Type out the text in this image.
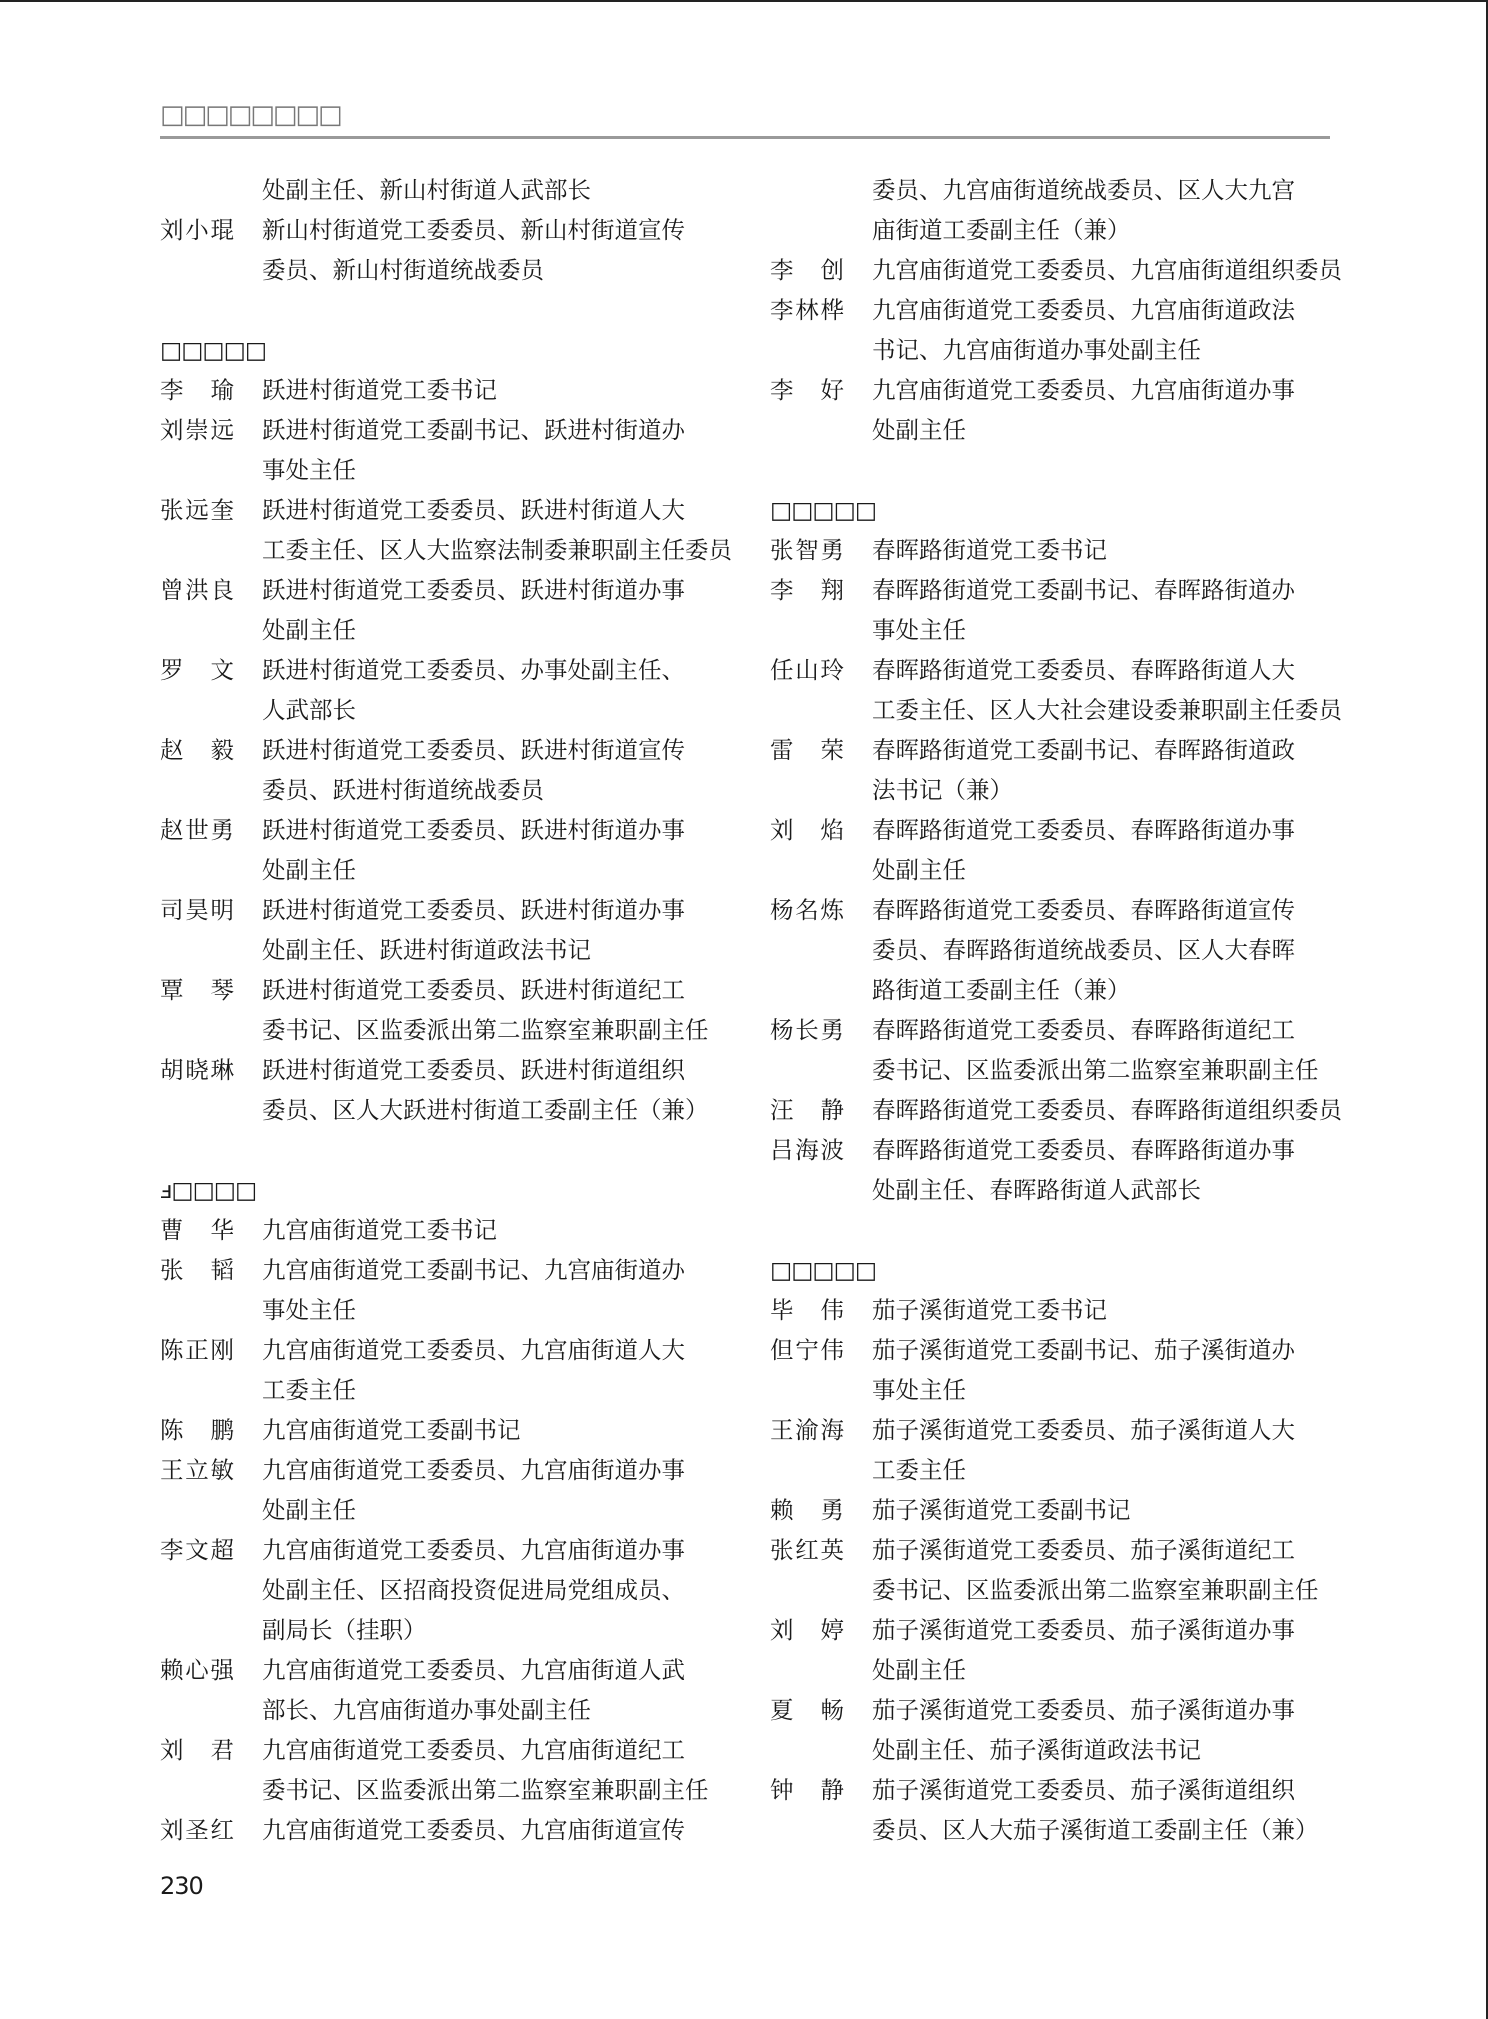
□□□□□□□□
处副主任、新山村街道人武部长
刘小琨 新山村街道党工委委员、新山村街道宣传
委员、新山村街道统战委员
□□□□□
李瑜 跃进村街道党工委书记
刘崇远 跃进村街道党工委副书记、跃进村街道办
事处主任
张远奎 跃进村街道党工委委员、跃进村街道人大
工委主任、区人大监察法制委兼职副主任委员
曾洪良 跃进村街道党工委委员、跃进村街道办事
处副主任
罗文 跃进村街道党工委委员、办事处副主任、
人武部长
赵毅 跃进村街道党工委委员、跃进村街道宣传
委员、跃进村街道统战委员
赵世勇 跃进村街道党工委委员、跃进村街道办事
处副主任
司昊明 跃进村街道党工委委员、跃进村街道办事
处副主任、跃进村街道政法书记
覃琴 跃进村街道党工委委员、跃进村街道纪工
委书记、区监委派出第二监察室兼职副主任
胡晓琳 跃进村街道党工委委员、跃进村街道组织
委员、区人大跃进村街道工委副主任（兼）
ⅎ□□□□
曹华 九宫庙街道党工委书记
张韬 九宫庙街道党工委副书记、九宫庙街道办
事处主任
陈正刚 九宫庙街道党工委委员、九宫庙街道人大
工委主任
陈鹏 九宫庙街道党工委副书记
王立敏 九宫庙街道党工委委员、九宫庙街道办事
处副主任
李文超 九宫庙街道党工委委员、九宫庙街道办事
处副主任、区招商投资促进局党组成员、
副局长（挂职）
赖心强 九宫庙街道党工委委员、九宫庙街道人武
部长、九宫庙街道办事处副主任
刘君 九宫庙街道党工委委员、九宫庙街道纪工
委书记、区监委派出第二监察室兼职副主任
刘圣红 九宫庙街道党工委委员、九宫庙街道宣传
委员、九宫庙街道统战委员、区人大九宫
庙街道工委副主任（兼）
李创 九宫庙街道党工委委员、九宫庙街道组织委员
李林桦 九宫庙街道党工委委员、九宫庙街道政法
书记、九宫庙街道办事处副主任
李好 九宫庙街道党工委委员、九宫庙街道办事
处副主任
□□□□□
张智勇 春晖路街道党工委书记
李翔 春晖路街道党工委副书记、春晖路街道办
事处主任
任山玲 春晖路街道党工委委员、春晖路街道人大
工委主任、区人大社会建设委兼职副主任委员
雷荣 春晖路街道党工委副书记、春晖路街道政
法书记（兼）
刘焰 春晖路街道党工委委员、春晖路街道办事
处副主任
杨名炼 春晖路街道党工委委员、春晖路街道宣传
委员、春晖路街道统战委员、区人大春晖
路街道工委副主任（兼）
杨长勇 春晖路街道党工委委员、春晖路街道纪工
委书记、区监委派出第二监察室兼职副主任
汪静 春晖路街道党工委委员、春晖路街道组织委员
吕海波 春晖路街道党工委委员、春晖路街道办事
处副主任、春晖路街道人武部长
□□□□□
毕伟 茄子溪街道党工委书记
但宁伟 茄子溪街道党工委副书记、茄子溪街道办
事处主任
王渝海 茄子溪街道党工委委员、茄子溪街道人大
工委主任
赖勇 茄子溪街道党工委副书记
张红英 茄子溪街道党工委委员、茄子溪街道纪工
委书记、区监委派出第二监察室兼职副主任
刘婷 茄子溪街道党工委委员、茄子溪街道办事
处副主任
夏畅 茄子溪街道党工委委员、茄子溪街道办事
处副主任、茄子溪街道政法书记
钟静 茄子溪街道党工委委员、茄子溪街道组织
委员、区人大茄子溪街道工委副主任（兼）
230
